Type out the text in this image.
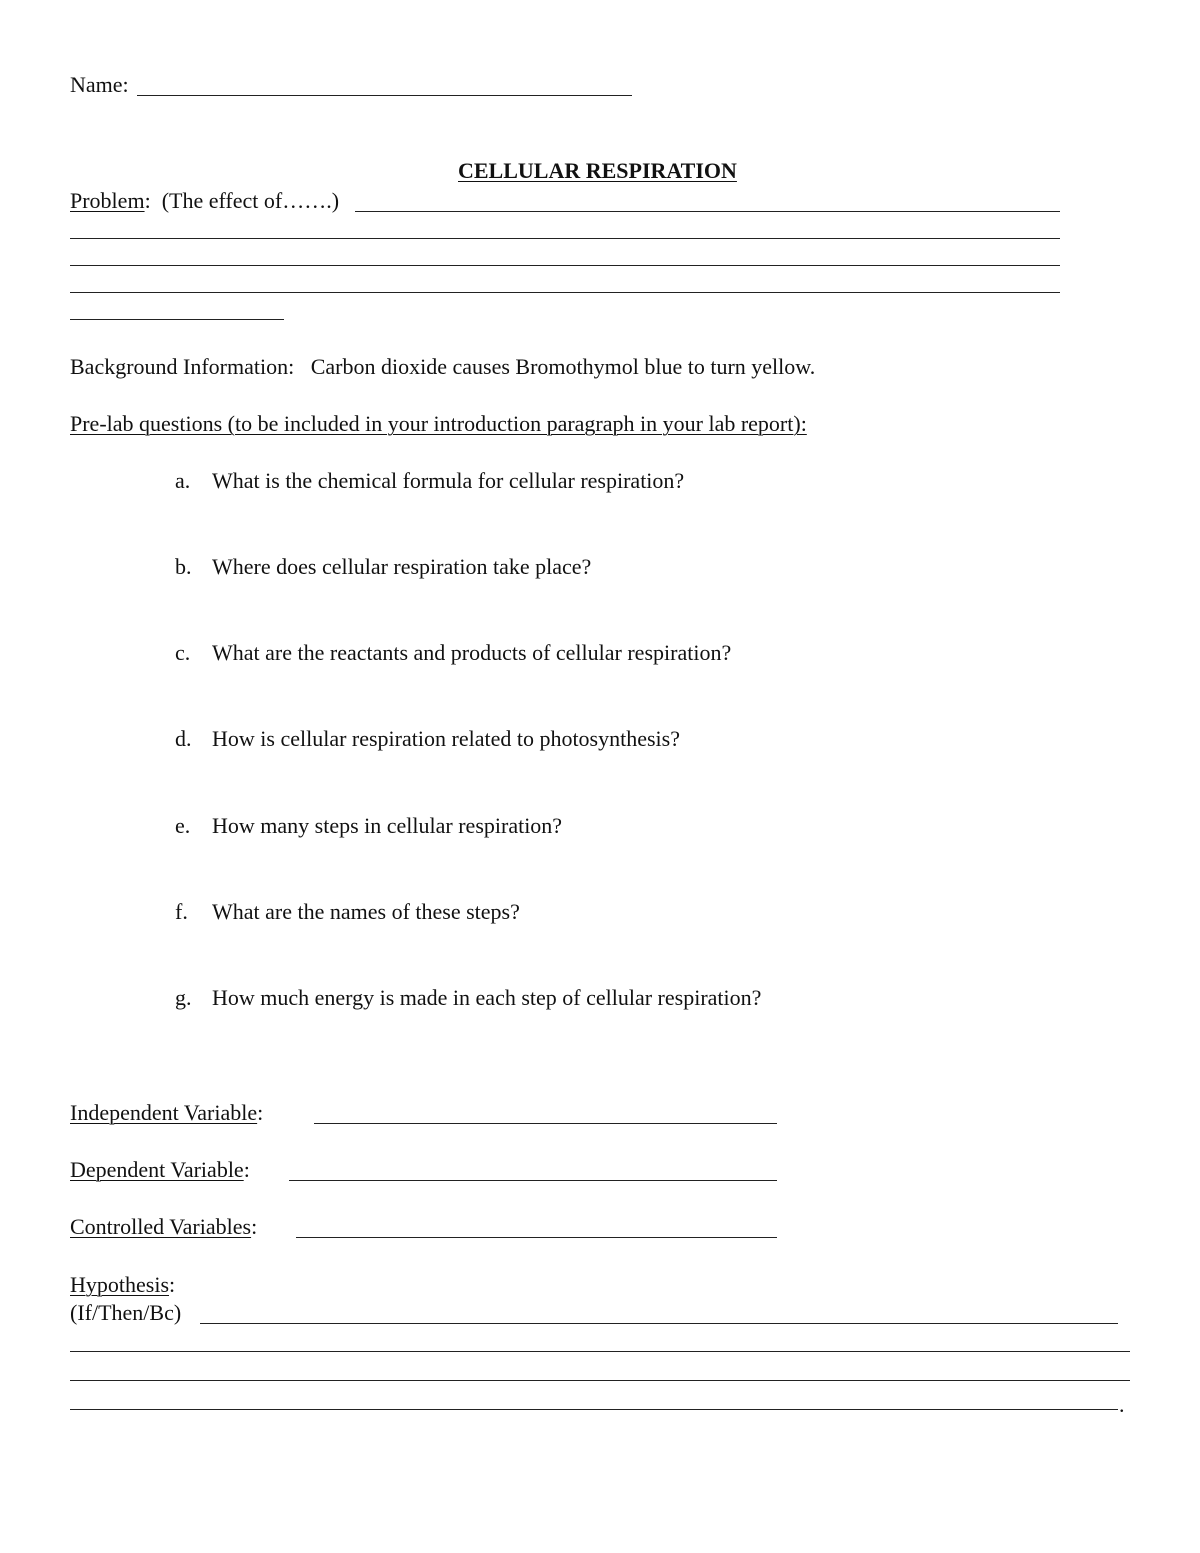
Name:
CELLULAR RESPIRATION
Problem: (The effect of…….)
Background Information: Carbon dioxide causes Bromothymol blue to turn yellow.
Pre-lab questions (to be included in your introduction paragraph in your lab report):
a. What is the chemical formula for cellular respiration?
b. Where does cellular respiration take place?
c. What are the reactants and products of cellular respiration?
d. How is cellular respiration related to photosynthesis?
e. How many steps in cellular respiration?
f. What are the names of these steps?
g. How much energy is made in each step of cellular respiration?
Independent Variable:
Dependent Variable:
Controlled Variables:
Hypothesis:
(If/Then/Bc)
.
